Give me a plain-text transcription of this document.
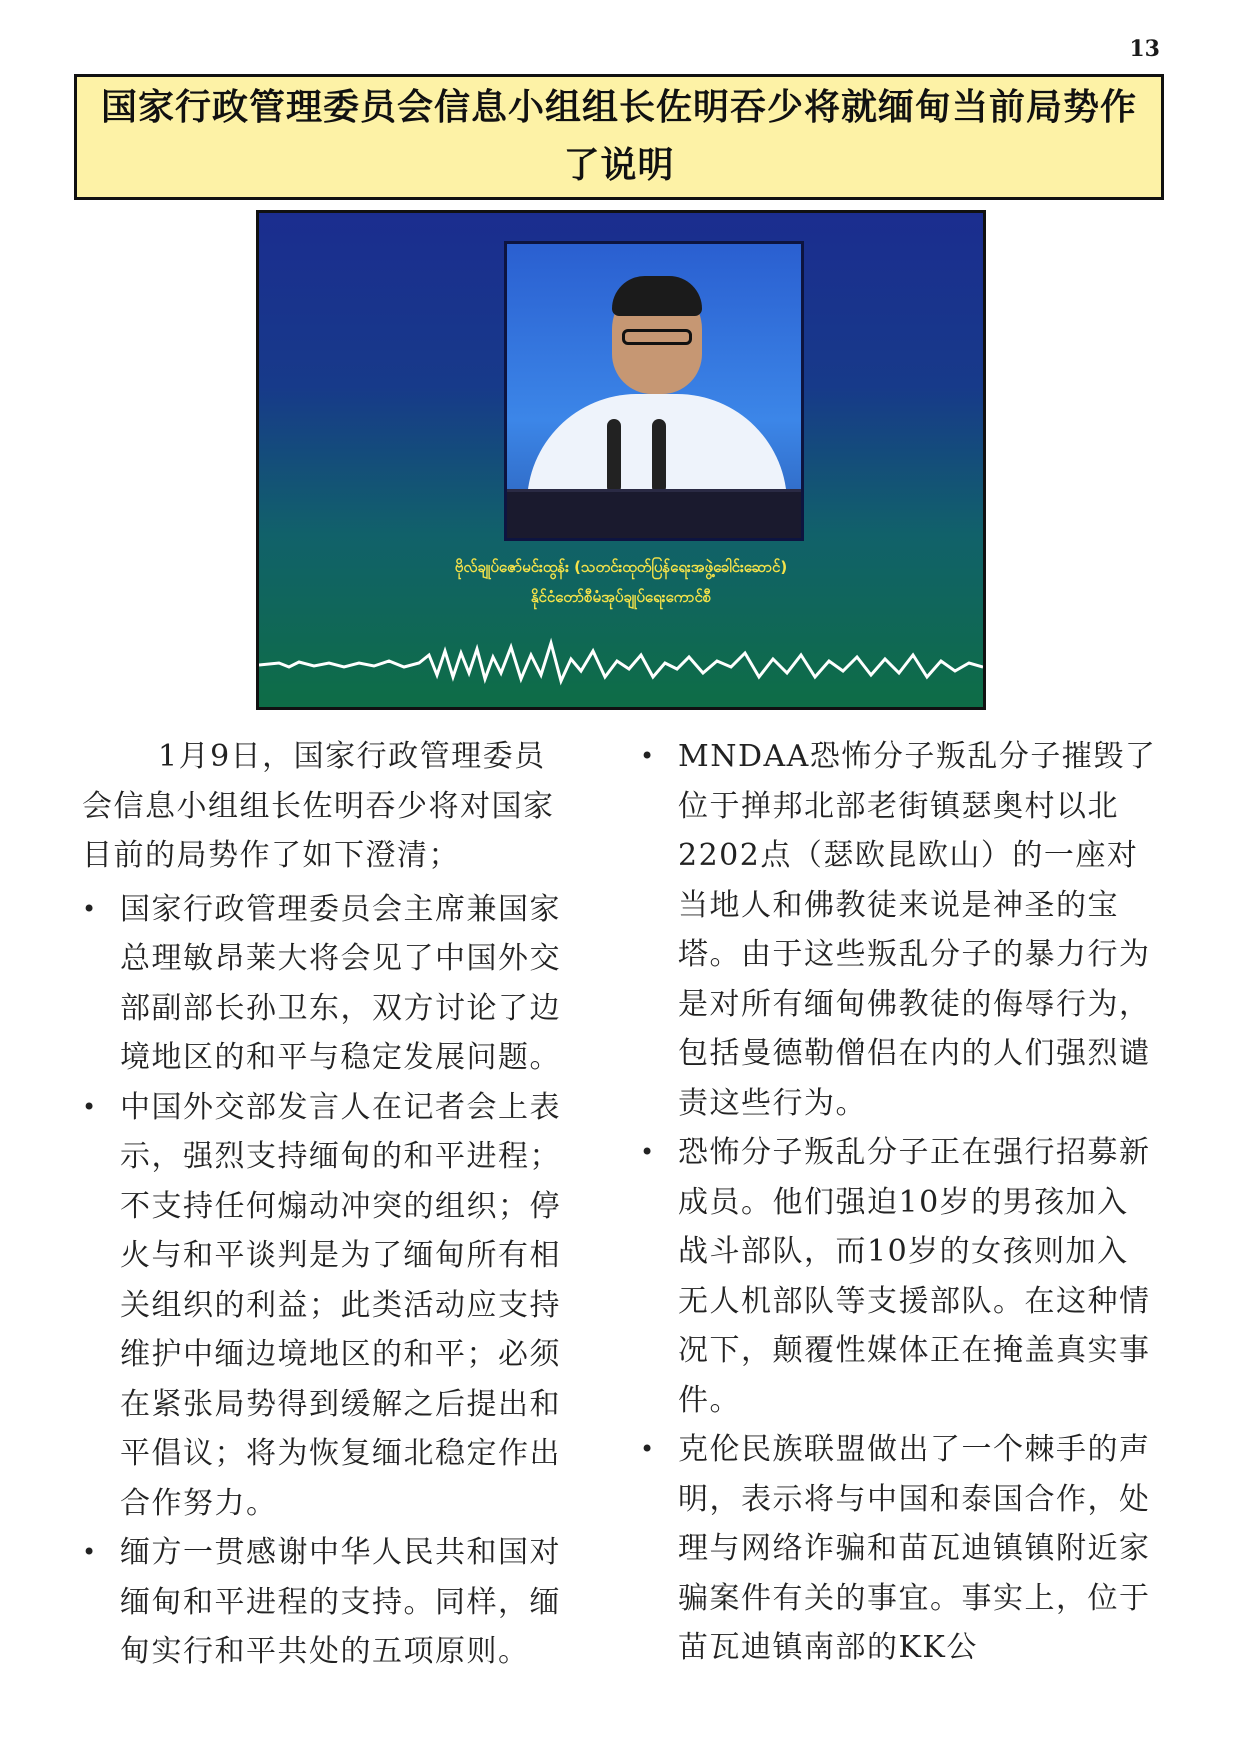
13
国家行政管理委员会信息小组组长佐明吞少将就缅甸当前局势作了说明
ဗိုလ်ချုပ်ဇော်မင်းထွန်း (သတင်းထုတ်ပြန်ရေးအဖွဲ့ခေါင်းဆောင်)
နိုင်ငံတော်စီမံအုပ်ချုပ်ရေးကောင်စီ

1月9日，国家行政管理委员会信息小组组长佐明吞少将对国家目前的局势作了如下澄清；

• 国家行政管理委员会主席兼国家总理敏昂莱大将会见了中国外交部副部长孙卫东，双方讨论了边境地区的和平与稳定发展问题。
• 中国外交部发言人在记者会上表示，强烈支持缅甸的和平进程；不支持任何煽动冲突的组织；停火与和平谈判是为了缅甸所有相关组织的利益；此类活动应支持维护中缅边境地区的和平；必须在紧张局势得到缓解之后提出和平倡议；将为恢复缅北稳定作出合作努力。
• 缅方一贯感谢中华人民共和国对缅甸和平进程的支持。同样，缅甸实行和平共处的五项原则。
• MNDAA恐怖分子叛乱分子摧毁了位于掸邦北部老街镇瑟奥村以北2202点（瑟欧昆欧山）的一座对当地人和佛教徒来说是神圣的宝塔。由于这些叛乱分子的暴力行为是对所有缅甸佛教徒的侮辱行为，包括曼德勒僧侣在内的人们强烈谴责这些行为。
• 恐怖分子叛乱分子正在强行招募新成员。他们强迫10岁的男孩加入战斗部队，而10岁的女孩则加入无人机部队等支援部队。在这种情况下，颠覆性媒体正在掩盖真实事件。
• 克伦民族联盟做出了一个棘手的声明，表示将与中国和泰国合作，处理与网络诈骗和苗瓦迪镇镇附近家骗案件有关的事宜。事实上，位于苗瓦迪镇南部的KK公
